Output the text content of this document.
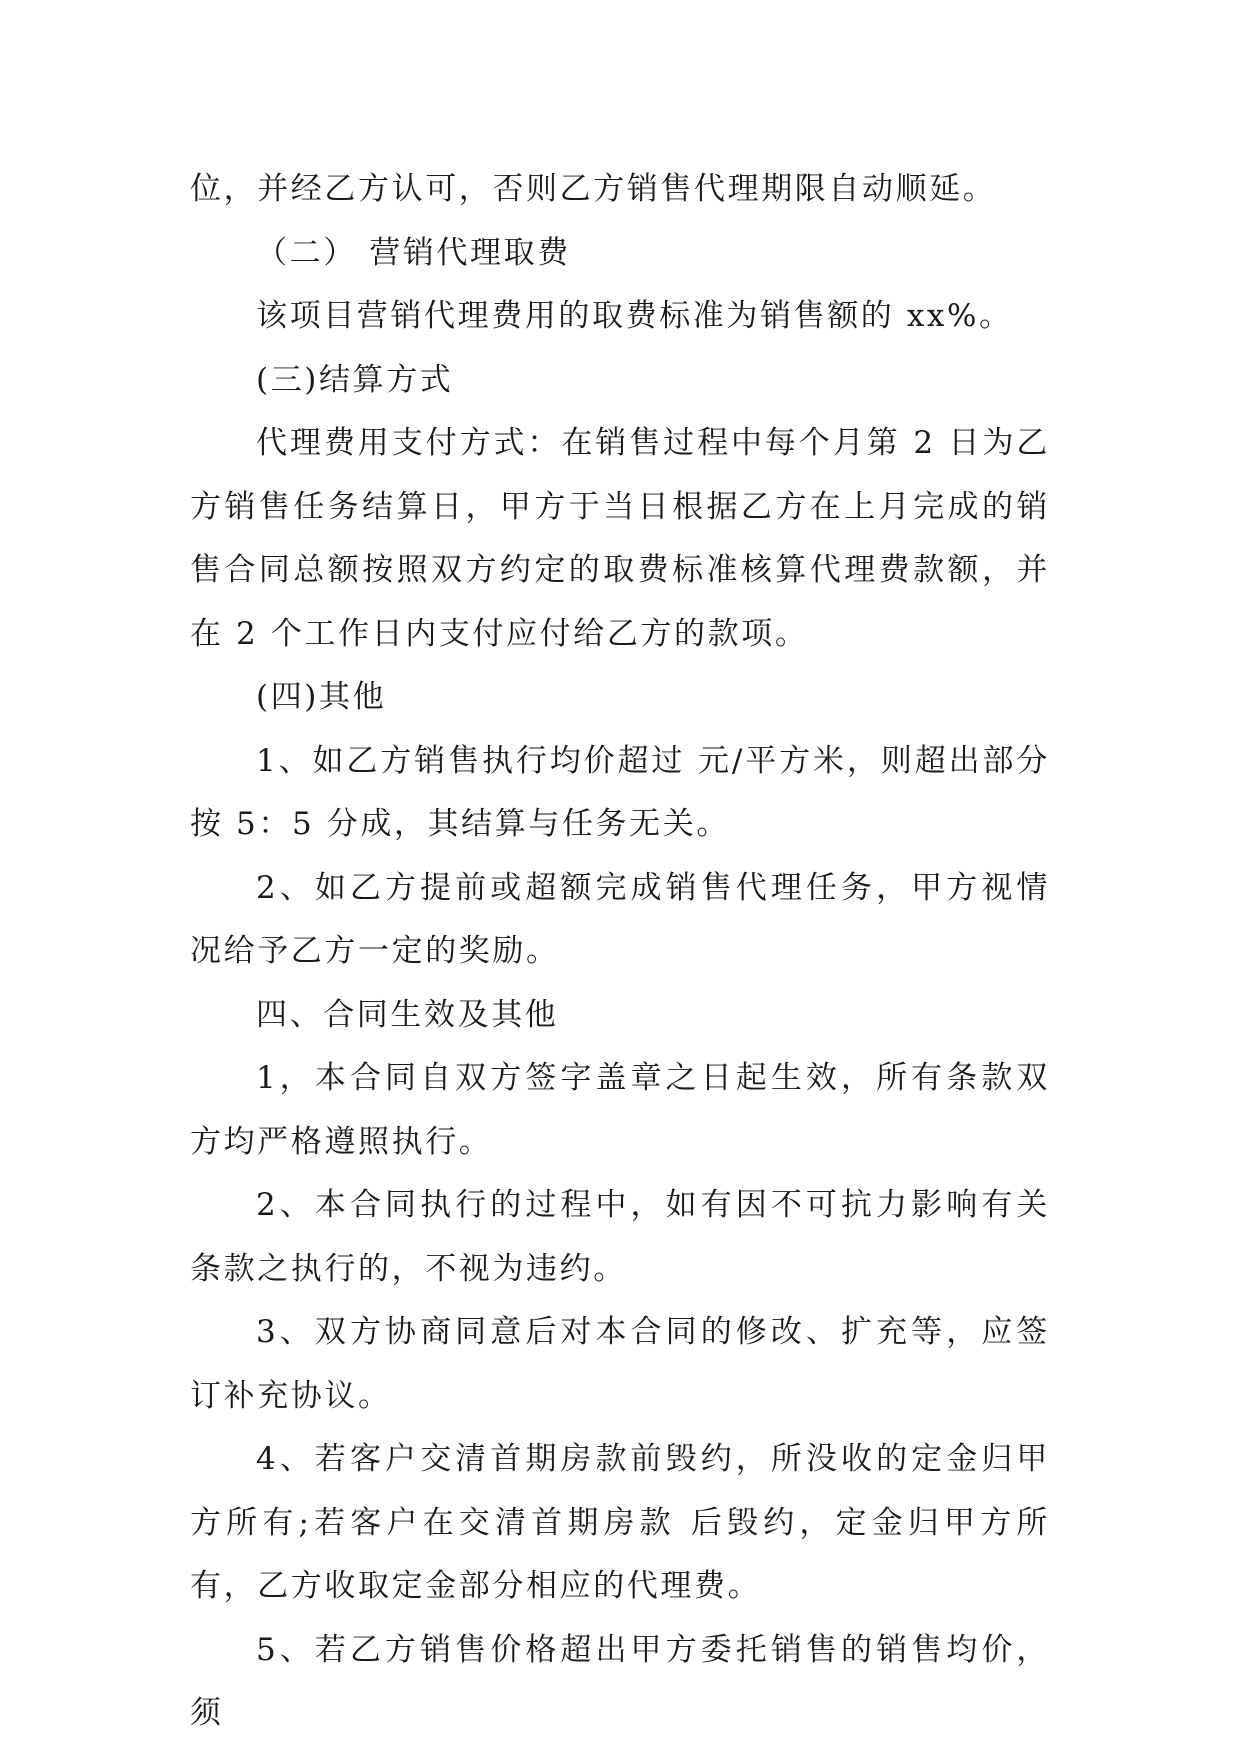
位，并经乙方认可，否则乙方销售代理期限自动顺延。

（二） 营销代理取费

该项目营销代理费用的取费标准为销售额的 xx%。

(三)结算方式

代理费用支付方式：在销售过程中每个月第 2 日为乙方销售任务结算日，甲方于当日根据乙方在上月完成的销售合同总额按照双方约定的取费标准核算代理费款额，并在 2 个工作日内支付应付给乙方的款项。

(四)其他

1、如乙方销售执行均价超过 元/平方米，则超出部分按 5：5 分成，其结算与任务无关。

2、如乙方提前或超额完成销售代理任务，甲方视情况给予乙方一定的奖励。

四、合同生效及其他

1，本合同自双方签字盖章之日起生效，所有条款双方均严格遵照执行。

2、本合同执行的过程中，如有因不可抗力影响有关条款之执行的，不视为违约。

3、双方协商同意后对本合同的修改、扩充等，应签订补充协议。

4、若客户交清首期房款前毁约，所没收的定金归甲方所有;若客户在交清首期房款 后毁约，定金归甲方所有，乙方收取定金部分相应的代理费。

5、若乙方销售价格超出甲方委托销售的销售均价，须
